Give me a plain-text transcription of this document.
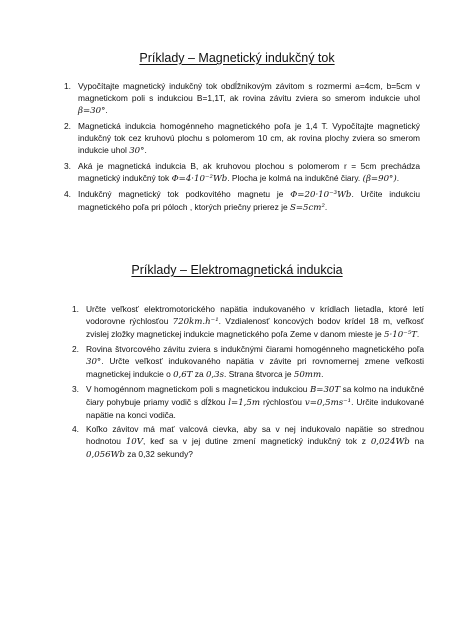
Príklady – Magnetický indukčný tok
1. Vypočítajte magnetický indukčný tok obdĺžnikovým závitom s rozmermi a=4cm, b=5cm v magnetickom poli s indukciou B=1,1T, ak rovina závitu zviera so smerom indukcie uhol β=30°.
2. Magnetická indukcia homogénneho magnetického poľa je 1,4 T. Vypočítajte magnetický indukčný tok cez kruhovú plochu s polomerom 10 cm, ak rovina plochy zviera so smerom indukcie uhol 30°.
3. Aká je magnetická indukcia B, ak kruhovou plochou s polomerom r = 5cm prechádza magnetický indukčný tok Φ=4·10⁻²Wb. Plocha je kolmá na indukčné čiary. (β=90°).
4. Indukčný magnetický tok podkovitého magnetu je Φ=20·10⁻³Wb. Určite indukciu magnetického poľa pri póloch , ktorých priečny prierez je S=5cm².
Príklady – Elektromagnetická indukcia
1. Určte veľkosť elektromotorického napätia indukovaného v krídlach lietadla, ktoré letí vodorovne rýchlosťou 720km.h⁻¹. Vzdialenosť koncových bodov krídel 18 m, veľkosť zvislej zložky magnetickej indukcie magnetického poľa Zeme v danom mieste je 5·10⁻⁵T.
2. Rovina štvorcového závitu zviera s indukčnými čiarami homogénneho magnetického poľa 30°. Určte veľkosť indukovaného napätia v závite pri rovnomernej zmene veľkosti magnetickej indukcie o 0,6T za 0,3s. Strana štvorca je 50mm.
3. V homogénnom magnetickom poli s magnetickou indukciou B=30T sa kolmo na indukčné čiary pohybuje priamy vodič s dĺžkou l=1,5m rýchlosťou v=0,5ms⁻¹. Určite indukované napätie na konci vodiča.
4. Koľko závitov má mať valcová cievka, aby sa v nej indukovalo napätie so strednou hodnotou 10V, keď sa v jej dutine zmení magnetický indukčný tok z 0,024Wb na 0,056Wb za 0,32 sekundy?
